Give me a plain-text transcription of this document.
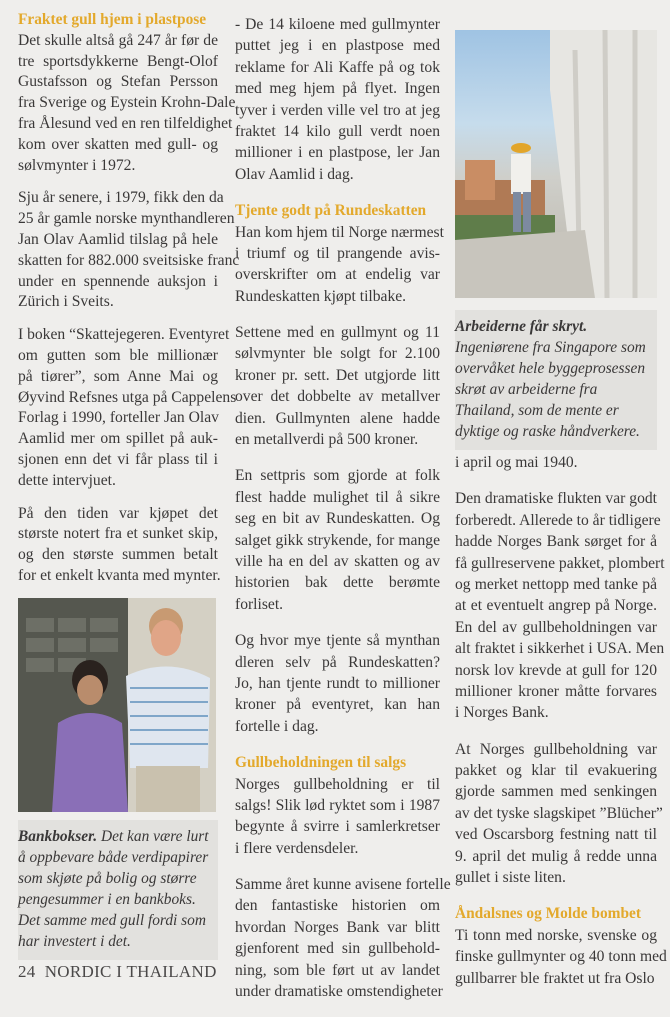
Fraktet gull hjem i plastpose
Det skulle altså gå 247 år før de
tre sportsdykkerne Bengt-Olof
Gustafsson og Stefan Persson
fra Sverige og Eystein Krohn-Dale
fra Ålesund ved en ren tilfeldighet
kom over skatten med gull- og
sølvmynter i 1972.
Sju år senere, i 1979, fikk den da
25 år gamle norske mynthandleren
Jan Olav Aamlid tilslag på hele
skatten for 882.000 sveitsiske franc
under en spennende auksjon i
Zürich i Sveits.
I boken “Skattejegeren. Eventyret
om gutten som ble millionær
på tiører”, som Anne Mai og
Øyvind Refsnes utga på Cappelens
Forlag i 1990, forteller Jan Olav
Aamlid mer om spillet på auk-
sjonen enn det vi får plass til i
dette intervjuet.
På den tiden var kjøpet det
største notert fra et sunket skip,
og den største summen betalt
for et enkelt kvanta med mynter.
Bankbokser. Det kan være lurt å oppbevare både verdipapirer som skjøte på bolig og større pengesummer i en bankboks. Det samme med gull fordi som har investert i det.
- De 14 kiloene med gullmynter
puttet jeg i en plastpose med
reklame for Ali Kaffe på og tok
med meg hjem på flyet. Ingen
tyver i verden ville vel tro at jeg
fraktet 14 kilo gull verdt noen
millioner i en plastpose, ler Jan
Olav Aamlid i dag.
Tjente godt på Rundeskatten
Han kom hjem til Norge nærmest
i triumf og til prangende avis-
overskrifter om at endelig var
Rundeskatten kjøpt tilbake.
Settene med en gullmynt og 11
sølvmynter ble solgt for 2.100
kroner pr. sett. Det utgjorde litt
over det dobbelte av metallver
dien. Gullmynten alene hadde
en metallverdi på 500 kroner.
En settpris som gjorde at folk
flest hadde mulighet til å sikre
seg en bit av Rundeskatten. Og
salget gikk strykende, for mange
ville ha en del av skatten og av
historien bak dette berømte
forliset.
Og hvor mye tjente så mynthan
dleren selv på Rundeskatten?
Jo, han tjente rundt to millioner
kroner på eventyret, kan han
fortelle i dag.
Gullbeholdningen til salgs
Norges gullbeholdning er til
salgs! Slik lød ryktet som i 1987
begynte å svirre i samlerkretser
i flere verdensdeler.
Samme året kunne avisene fortelle
den fantastiske historien om
hvordan Norges Bank var blitt
gjenforent med sin gullbehold-
ning, som ble ført ut av landet
under dramatiske omstendigheter
Arbeiderne får skryt. Ingeniørene fra Singapore som overvåket hele byggeprosessen skrøt av arbeiderne fra Thailand, som de mente er dyktige og raske håndverkere.
i april og mai 1940.
Den dramatiske flukten var godt
forberedt. Allerede to år tidligere
hadde Norges Bank sørget for å
få gullreservene pakket, plombert
og merket nettopp med tanke på
at et eventuelt angrep på Norge.
En del av gullbeholdningen var
alt fraktet i sikkerhet i USA. Men
norsk lov krevde at gull for 120
millioner kroner måtte forvares
i Norges Bank.
At Norges gullbeholdning var
pakket og klar til evakuering
gjorde sammen med senkingen
av det tyske slagskipet ”Blücher”
ved Oscarsborg festning natt til
9. april det mulig å redde unna
gullet i siste liten.
Åndalsnes og Molde bombet
Ti tonn med norske, svenske og
finske gullmynter og 40 tonn med
gullbarrer ble fraktet ut fra Oslo
24 NORDIC I THAILAND
